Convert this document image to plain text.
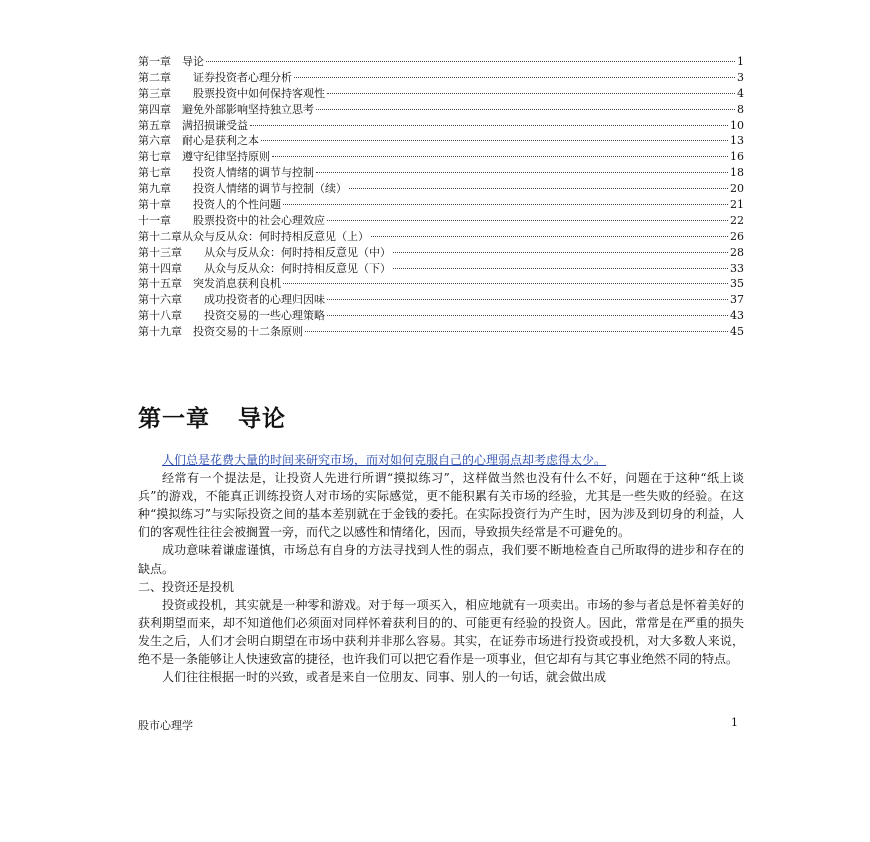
第一章　导论	1
第二章　　证券投资者心理分析	3
第三章　　股票投资中如何保持客观性	4
第四章　避免外部影响坚持独立思考	8
第五章　满招损谦受益	10
第六章　耐心是获利之本	13
第七章　遵守纪律坚持原则	16
第七章　　投资人情绪的调节与控制	18
第九章　　投资人情绪的调节与控制（续）	20
第十章　　投资人的个性问题	21
十一章　　股票投资中的社会心理效应	22
第十二章从众与反从众：何时持相反意见（上）	26
第十三章　　从众与反从众：何时持相反意见（中）	28
第十四章　　从众与反从众：何时持相反意见（下）	33
第十五章　突发消息获利良机	35
第十六章　　成功投资者的心理归因味	37
第十八章　　投资交易的一些心理策略	43
第十九章　投资交易的十二条原则	45
第一章 导论

人们总是花费大量的时间来研究市场，而对如何克服自己的心理弱点却考虑得太少。

经常有一个提法是，让投资人先进行所谓“摸拟练习”，这样做当然也没有什么不好，问题在于这种“纸上谈兵”的游戏，不能真正训练投资人对市场的实际感觉，更不能积累有关市场的经验，尤其是一些失败的经验。在这种“摸拟练习”与实际投资之间的基本差别就在于金钱的委托。在实际投资行为产生时，因为涉及到切身的利益，人们的客观性往往会被搁置一旁，而代之以感性和情绪化，因而，导致损失经常是不可避免的。

成功意味着谦虚谨慎，市场总有自身的方法寻找到人性的弱点，我们要不断地检查自己所取得的进步和存在的缺点。

二、投资还是投机

投资或投机，其实就是一种零和游戏。对于每一项买入，相应地就有一项卖出。市场的参与者总是怀着美好的获利期望而来，却不知道他们必须面对同样怀着获利目的的、可能更有经验的投资人。因此，常常是在严重的损失发生之后，人们才会明白期望在市场中获利并非那么容易。其实，在证券市场进行投资或投机，对大多数人来说，绝不是一条能够让人快速致富的捷径，也许我们可以把它看作是一项事业，但它却有与其它事业绝然不同的特点。

人们往往根据一时的兴致，或者是来自一位朋友、同事、别人的一句话，就会做出成

股市心理学	1
